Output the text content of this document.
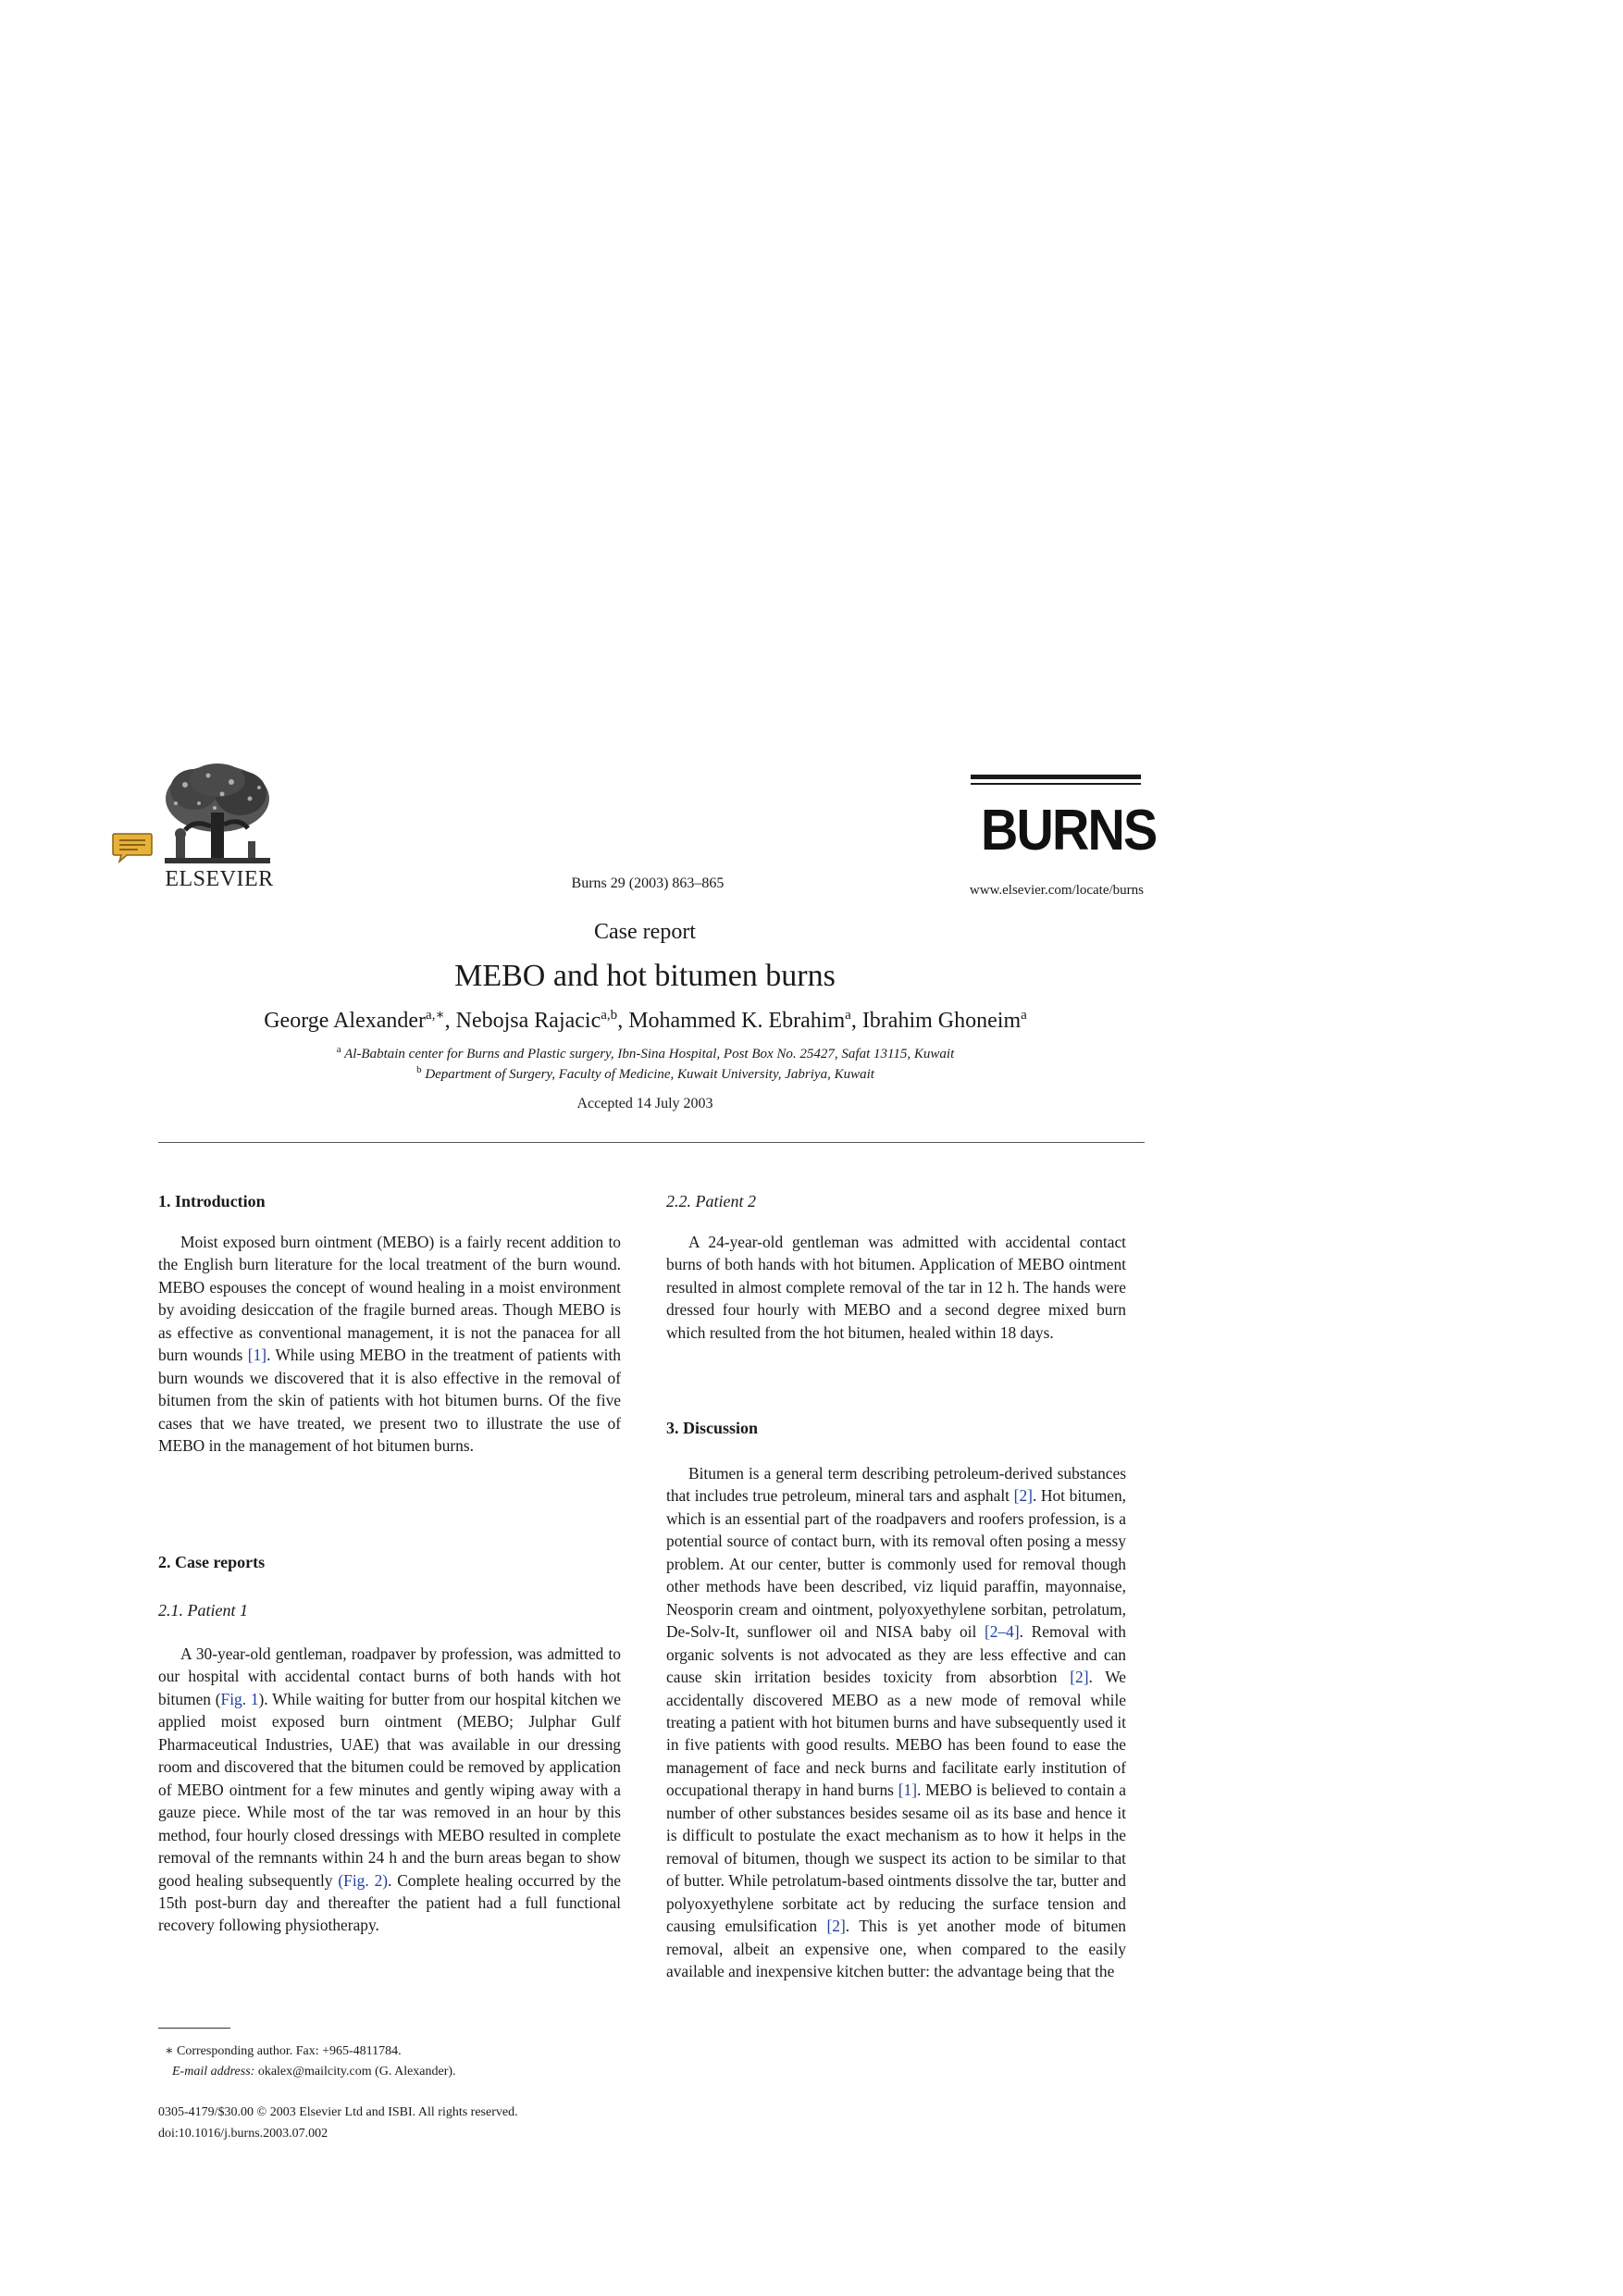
ELSEVIER	Burns 29 (2003) 863–865
BURNS
www.elsevier.com/locate/burns
Case report
MEBO and hot bitumen burns
George Alexander$^{a,∗}$, Nebojsa Rajacic$^{a,b}$, Mohammed K. Ebrahim$^a$, Ibrahim Ghoneim$^a$
$^a$ Al-Babtain center for Burns and Plastic surgery, Ibn-Sina Hospital, Post Box No. 25427, Safat 13115, Kuwait
$^b$ Department of Surgery, Faculty of Medicine, Kuwait University, Jabriya, Kuwait
Accepted 14 July 2003
1. Introduction

Moist exposed burn ointment (MEBO) is a fairly recent addition to the English burn literature for the local treatment of the burn wound. MEBO espouses the concept of wound healing in a moist environment by avoiding desiccation of the fragile burned areas. Though MEBO is as effective as conventional management, it is not the panacea for all burn wounds [1]. While using MEBO in the treatment of patients with burn wounds we discovered that it is also effective in the removal of bitumen from the skin of patients with hot bitumen burns. Of the five cases that we have treated, we present two to illustrate the use of MEBO in the management of hot bitumen burns.

2. Case reports
2.1. Patient 1

A 30-year-old gentleman, roadpaver by profession, was admitted to our hospital with accidental contact burns of both hands with hot bitumen (Fig. 1). While waiting for butter from our hospital kitchen we applied moist exposed burn ointment (MEBO; Julphar Gulf Pharmaceutical Industries, UAE) that was available in our dressing room and discovered that the bitumen could be removed by application of MEBO ointment for a few minutes and gently wiping away with a gauze piece. While most of the tar was removed in an hour by this method, four hourly closed dressings with MEBO resulted in complete removal of the remnants within 24 h and the burn areas began to show good healing subsequently (Fig. 2). Complete healing occurred by the 15th post-burn day and thereafter the patient had a full functional recovery following physiotherapy.

2.2. Patient 2

A 24-year-old gentleman was admitted with accidental contact burns of both hands with hot bitumen. Application of MEBO ointment resulted in almost complete removal of the tar in 12 h. The hands were dressed four hourly with MEBO and a second degree mixed burn which resulted from the hot bitumen, healed within 18 days.

3. Discussion

Bitumen is a general term describing petroleum-derived substances that includes true petroleum, mineral tars and asphalt [2]. Hot bitumen, which is an essential part of the roadpavers and roofers profession, is a potential source of contact burn, with its removal often posing a messy problem. At our center, butter is commonly used for removal though other methods have been described, viz liquid paraffin, mayonnaise, Neosporin cream and ointment, polyoxyethylene sorbitan, petrolatum, De-Solv-It, sunflower oil and NISA baby oil [2–4]. Removal with organic solvents is not advocated as they are less effective and can cause skin irritation besides toxicity from absorbtion [2]. We accidentally discovered MEBO as a new mode of removal while treating a patient with hot bitumen burns and have subsequently used it in five patients with good results. MEBO has been found to ease the management of face and neck burns and facilitate early institution of occupational therapy in hand burns [1]. MEBO is believed to contain a number of other substances besides sesame oil as its base and hence it is difficult to postulate the exact mechanism as to how it helps in the removal of bitumen, though we suspect its action to be similar to that of butter. While petrolatum-based ointments dissolve the tar, butter and polyoxyethylene sorbitate act by reducing the surface tension and causing emulsification [2]. This is yet another mode of bitumen removal, albeit an expensive one, when compared to the easily available and inexpensive kitchen butter: the advantage being that the

∗ Corresponding author. Fax: +965-4811784.
E-mail address: okalex@mailcity.com (G. Alexander).
0305-4179/$30.00 © 2003 Elsevier Ltd and ISBI. All rights reserved.
doi:10.1016/j.burns.2003.07.002
